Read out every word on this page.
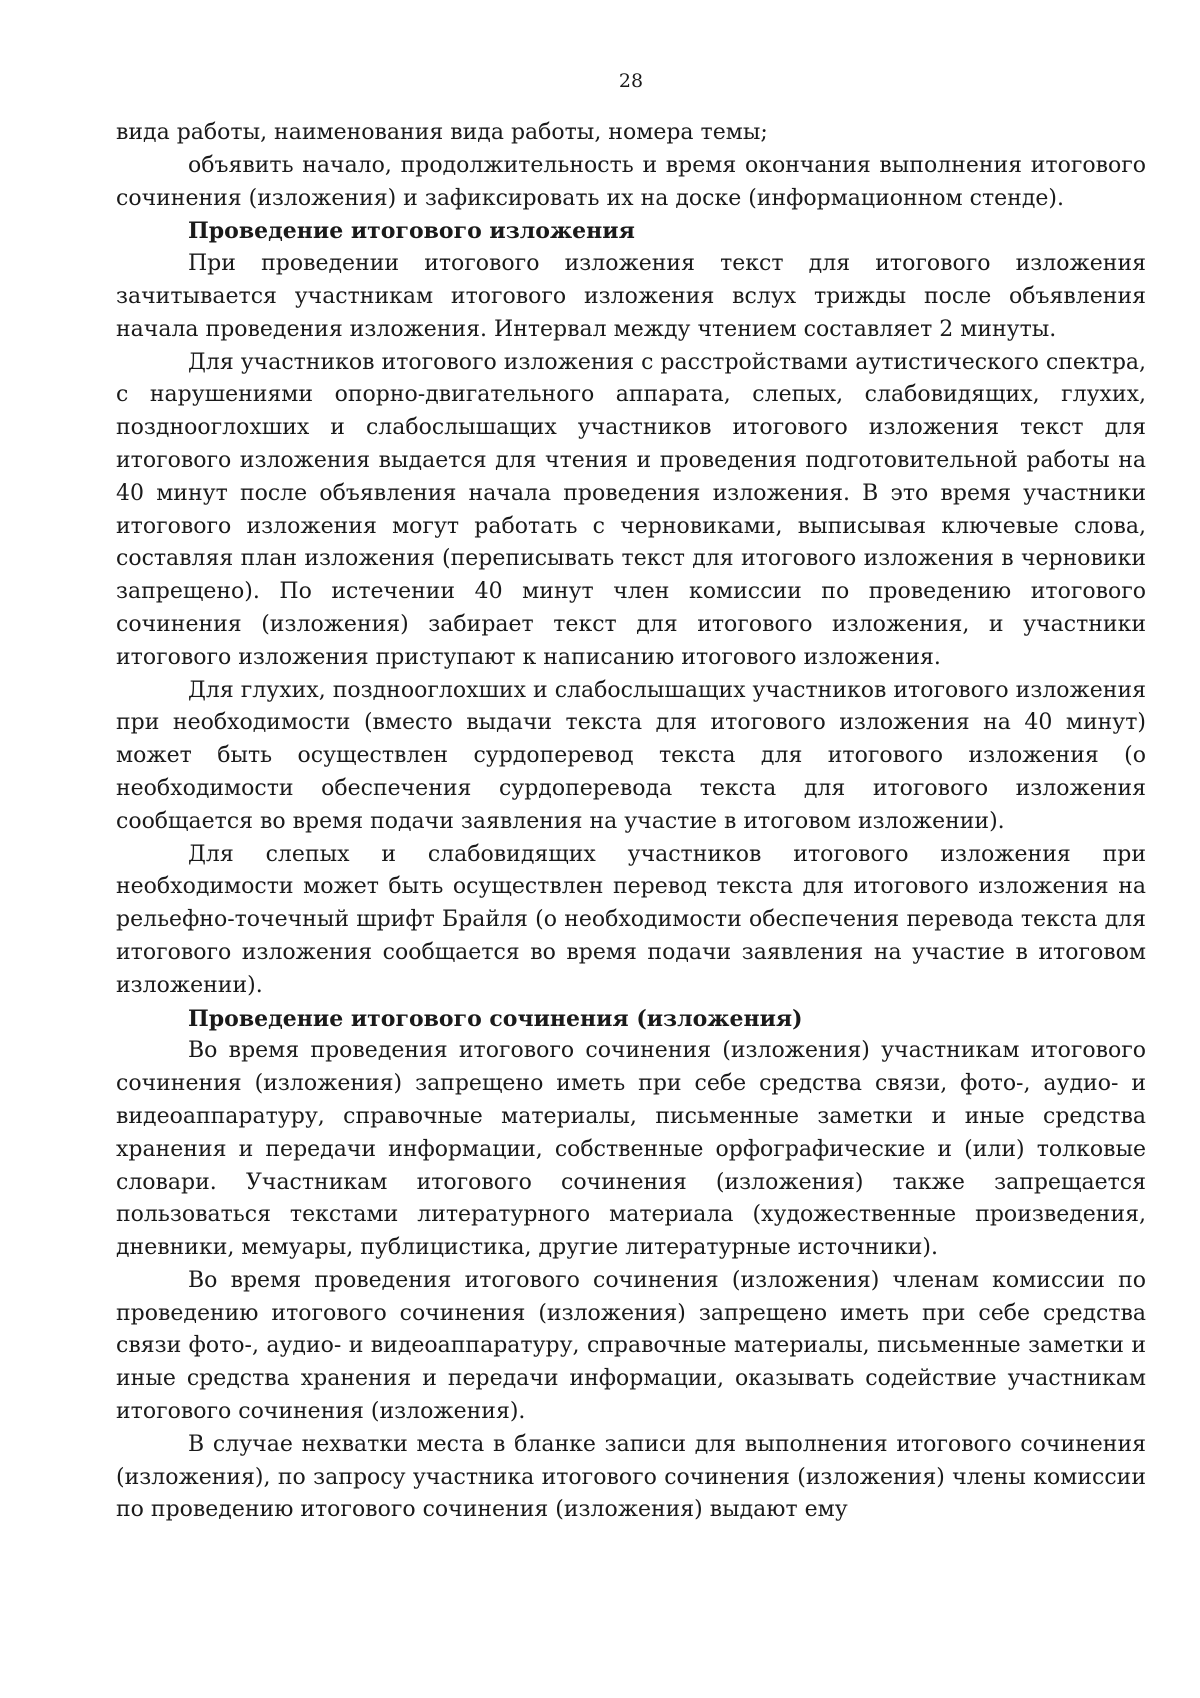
28

вида работы, наименования вида работы, номера темы;

объявить начало, продолжительность и время окончания выполнения итогового сочинения (изложения) и зафиксировать их на доске (информационном стенде).

Проведение итогового изложения

При проведении итогового изложения текст для итогового изложения зачитывается участникам итогового изложения вслух трижды после объявления начала проведения изложения. Интервал между чтением составляет 2 минуты.

Для участников итогового изложения с расстройствами аутистического спектра, с нарушениями опорно-двигательного аппарата, слепых, слабовидящих, глухих, позднооглохших и слабослышащих участников итогового изложения текст для итогового изложения выдается для чтения и проведения подготовительной работы на 40 минут после объявления начала проведения изложения. В это время участники итогового изложения могут работать с черновиками, выписывая ключевые слова, составляя план изложения (переписывать текст для итогового изложения в черновики запрещено). По истечении 40 минут член комиссии по проведению итогового сочинения (изложения) забирает текст для итогового изложения, и участники итогового изложения приступают к написанию итогового изложения.

Для глухих, позднооглохших и слабослышащих участников итогового изложения при необходимости (вместо выдачи текста для итогового изложения на 40 минут) может быть осуществлен сурдоперевод текста для итогового изложения (о необходимости обеспечения сурдоперевода текста для итогового изложения сообщается во время подачи заявления на участие в итоговом изложении).

Для слепых и слабовидящих участников итогового изложения при необходимости может быть осуществлен перевод текста для итогового изложения на рельефно-точечный шрифт Брайля (о необходимости обеспечения перевода текста для итогового изложения сообщается во время подачи заявления на участие в итоговом изложении).

Проведение итогового сочинения (изложения)

Во время проведения итогового сочинения (изложения) участникам итогового сочинения (изложения) запрещено иметь при себе средства связи, фото-, аудио- и видеоаппаратуру, справочные материалы, письменные заметки и иные средства хранения и передачи информации, собственные орфографические и (или) толковые словари. Участникам итогового сочинения (изложения) также запрещается пользоваться текстами литературного материала (художественные произведения, дневники, мемуары, публицистика, другие литературные источники).

Во время проведения итогового сочинения (изложения) членам комиссии по проведению итогового сочинения (изложения) запрещено иметь при себе средства связи фото-, аудио- и видеоаппаратуру, справочные материалы, письменные заметки и иные средства хранения и передачи информации, оказывать содействие участникам итогового сочинения (изложения).

В случае нехватки места в бланке записи для выполнения итогового сочинения (изложения), по запросу участника итогового сочинения (изложения) члены комиссии по проведению итогового сочинения (изложения) выдают ему
